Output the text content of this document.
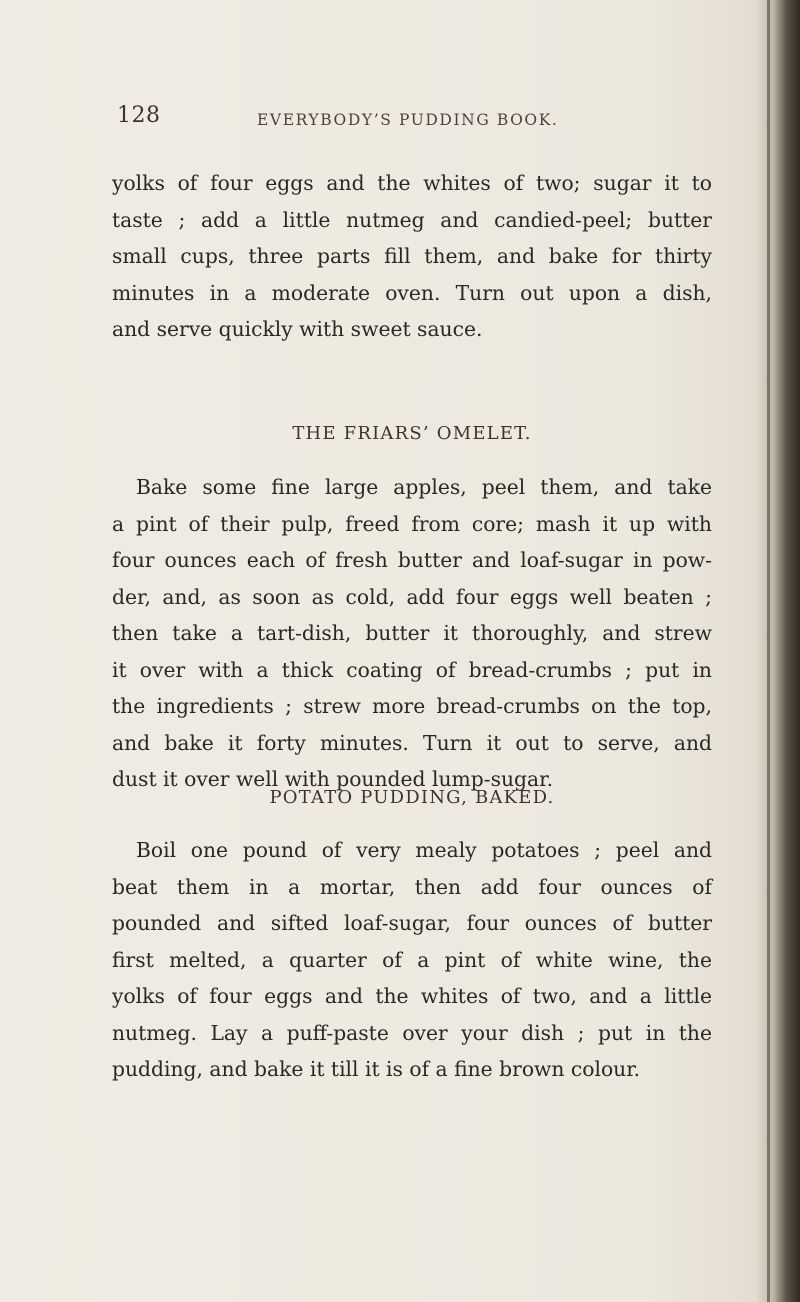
128	EVERYBODY’S PUDDING BOOK.
yolks of four eggs and the whites of two; sugar it to
taste ; add a little nutmeg and candied-peel; butter
small cups, three parts fill them, and bake for thirty
minutes in a moderate oven. Turn out upon a dish,
and serve quickly with sweet sauce.
THE FRIARS’ OMELET.
Bake some fine large apples, peel them, and take
a pint of their pulp, freed from core; mash it up with
four ounces each of fresh butter and loaf-sugar in pow-
der, and, as soon as cold, add four eggs well beaten ;
then take a tart-dish, butter it thoroughly, and strew
it over with a thick coating of bread-crumbs ; put in
the ingredients ; strew more bread-crumbs on the top,
and bake it forty minutes. Turn it out to serve, and
dust it over well with pounded lump-sugar.
POTATO PUDDING, BAKED.
Boil one pound of very mealy potatoes ; peel and
beat them in a mortar, then add four ounces of
pounded and sifted loaf-sugar, four ounces of butter
first melted, a quarter of a pint of white wine, the
yolks of four eggs and the whites of two, and a little
nutmeg. Lay a puff-paste over your dish ; put in the
pudding, and bake it till it is of a fine brown colour.
